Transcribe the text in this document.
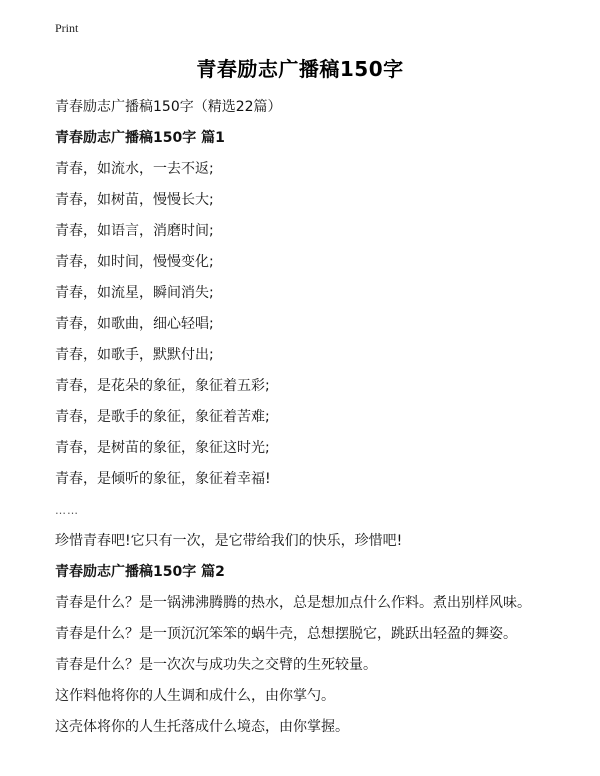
Print
青春励志广播稿150字
青春励志广播稿150字（精选22篇）
青春励志广播稿150字 篇1
青春，如流水，一去不返;
青春，如树苗，慢慢长大;
青春，如语言，消磨时间;
青春，如时间，慢慢变化;
青春，如流星，瞬间消失;
青春，如歌曲，细心轻唱;
青春，如歌手，默默付出;
青春，是花朵的象征，象征着五彩;
青春，是歌手的象征，象征着苦难;
青春，是树苗的象征，象征这时光;
青春，是倾听的象征，象征着幸福!
……
珍惜青春吧!它只有一次，是它带给我们的快乐，珍惜吧!
青春励志广播稿150字 篇2
青春是什么？是一锅沸沸腾腾的热水，总是想加点什么作料。煮出别样风味。
青春是什么？是一顶沉沉笨笨的蜗牛壳，总想摆脱它，跳跃出轻盈的舞姿。
青春是什么？是一次次与成功失之交臂的生死较量。
这作料他将你的人生调和成什么，由你掌勺。
这壳体将你的人生托落成什么境态，由你掌握。
